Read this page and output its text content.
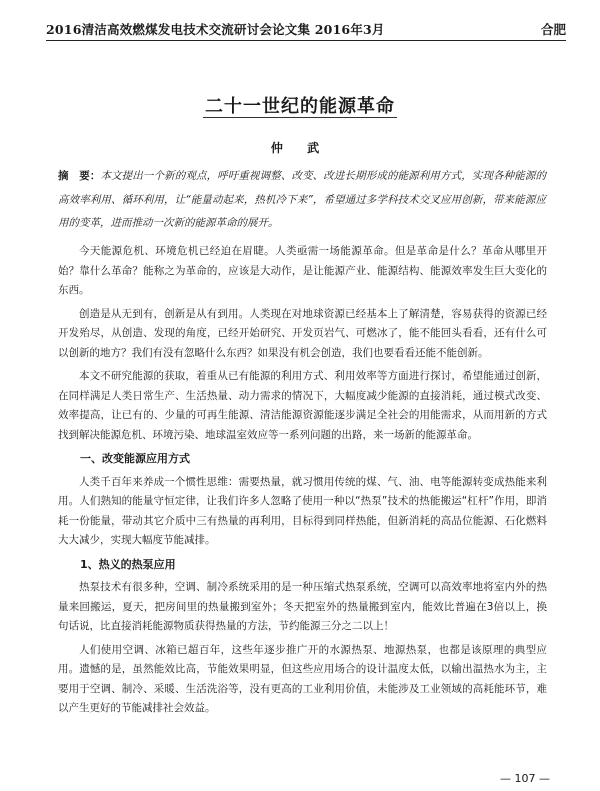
2016清洁高效燃煤发电技术交流研讨会论文集 2016年3月	合肥
二十一世纪的能源革命
仲 武
摘　要：本文提出一个新的观点，呼吁重视调整、改变、改进长期形成的能源利用方式，实现各种能源的高效率利用、循环利用，让“能量动起来，热机冷下来”，希望通过多学科技术交叉应用创新，带来能源应用的变革，进而推动一次新的能源革命的展开。

今天能源危机、环境危机已经迫在眉睫。人类亟需一场能源革命。但是革命是什么？革命从哪里开始？靠什么革命？能称之为革命的，应该是大动作，是让能源产业、能源结构、能源效率发生巨大变化的东西。

创造是从无到有，创新是从有到用。人类现在对地球资源已经基本上了解清楚，容易获得的资源已经开发殆尽，从创造、发现的角度，已经开始研究、开发页岩气、可燃冰了，能不能回头看看，还有什么可以创新的地方？我们有没有忽略什么东西？如果没有机会创造，我们也要看看还能不能创新。

本文不研究能源的获取，着重从已有能源的利用方式、利用效率等方面进行探讨，希望能通过创新，在同样满足人类日常生产、生活热量、动力需求的情况下，大幅度减少能源的直接消耗，通过模式改变、效率提高，让已有的、少量的可再生能源、清洁能源资源能逐步满足全社会的用能需求，从而用新的方式找到解决能源危机、环境污染、地球温室效应等一系列问题的出路，来一场新的能源革命。

一、改变能源应用方式

人类千百年来养成一个惯性思维：需要热量，就习惯用传统的煤、气、油、电等能源转变成热能来利用。人们熟知的能量守恒定律，让我们许多人忽略了使用一种以“热泵”技术的热能搬运“杠杆”作用，即消耗一份能量，带动其它介质中三有热量的再利用，目标得到同样热能，但新消耗的高品位能源、石化燃料大大减少，实现大幅度节能减排。

1、热义的热泵应用

热泵技术有很多种，空调、制冷系统采用的是一种压缩式热泵系统，空调可以高效率地将室内外的热量来回搬运，夏天，把房间里的热量搬到室外；冬天把室外的热量搬到室内，能效比普遍在3倍以上，换句话说，比直接消耗能源物质获得热量的方法，节约能源三分之二以上！

人们使用空调、冰箱已超百年，这些年逐步推广开的水源热泵、地源热泵，也都是该原理的典型应用。遗憾的是，虽然能效比高，节能效果明显，但这些应用场合的设计温度太低，以输出温热水为主，主要用于空调、制冷、采暖、生活洗浴等，没有更高的工业利用价值，未能涉及工业领域的高耗能环节，难以产生更好的节能减排社会效益。

— 107 —
